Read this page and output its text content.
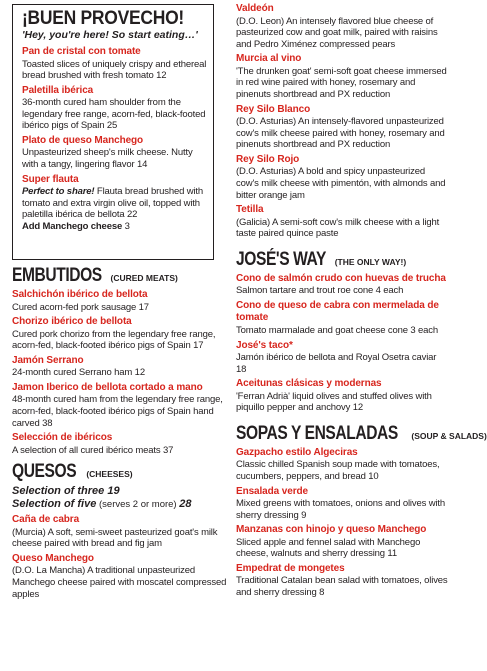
¡BUEN PROVECHO!
'Hey, you're here! So start eating…'
Pan de cristal con tomate
Toasted slices of uniquely crispy and ethereal bread brushed with fresh tomato 12
Paletilla ibérica
36-month cured ham shoulder from the legendary free range, acorn-fed, black-footed ibérico pigs of Spain 25
Plato de queso Manchego
Unpasteurized sheep's milk cheese. Nutty with a tangy, lingering flavor 14
Super flauta
Perfect to share! Flauta bread brushed with tomato and extra virgin olive oil, topped with paletilla ibérica de bellota 22
Add Manchego cheese 3
EMBUTIDOS (CURED MEATS)
Salchichón ibérico de bellota
Cured acorn-fed pork sausage 17
Chorizo ibérico de bellota
Cured pork chorizo from the legendary free range, acorn-fed, black-footed ibérico pigs of Spain 17
Jamón Serrano
24-month cured Serrano ham 12
Jamon Iberico de bellota cortado a mano
48-month cured ham from the legendary free range, acorn-fed, black-footed ibérico pigs of Spain hand carved 38
Selección de ibéricos
A selection of all cured ibérico meats 37
QUESOS (CHEESES)
Selection of three 19
Selection of five (serves 2 or more) 28
Caña de cabra
(Murcia) A soft, semi-sweet pasteurized goat's milk cheese paired with bread and fig jam
Queso Manchego
(D.O. La Mancha) A traditional unpasteurized Manchego cheese paired with moscatel compressed apples
Valdeón
(D.O. Leon) An intensely flavored blue cheese of pasteurized cow and goat milk, paired with raisins and Pedro Ximénez compressed pears
Murcia al vino
'The drunken goat' semi-soft goat cheese immersed in red wine paired with honey, rosemary and pinenuts shortbread and PX reduction
Rey Silo Blanco
(D.O. Asturias) An intensely-flavored unpasteurized cow's milk cheese paired with honey, rosemary and pinenuts shortbread and PX reduction
Rey Silo Rojo
(D.O. Asturias) A bold and spicy unpasteurized cow's milk cheese with pimentón, with almonds and bitter orange jam
Tetilla
(Galicia) A semi-soft cow's milk cheese with a light taste paired quince paste
JOSÉ'S WAY (THE ONLY WAY!)
Cono de salmón crudo con huevas de trucha
Salmon tartare and trout roe cone 4 each
Cono de queso de cabra con mermelada de tomate
Tomato marmalade and goat cheese cone 3 each
José's taco*
Jamón ibérico de bellota and Royal Osetra caviar 18
Aceitunas clásicas y modernas
'Ferran Adrià' liquid olives and stuffed olives with piquillo pepper and anchovy 12
SOPAS Y ENSALADAS (SOUP & SALADS)
Gazpacho estilo Algeciras
Classic chilled Spanish soup made with tomatoes, cucumbers, peppers, and bread 10
Ensalada verde
Mixed greens with tomatoes, onions and olives with sherry dressing 9
Manzanas con hinojo y queso Manchego
Sliced apple and fennel salad with Manchego cheese, walnuts and sherry dressing 11
Empedrat de mongetes
Traditional Catalan bean salad with tomatoes, olives and sherry dressing 8
